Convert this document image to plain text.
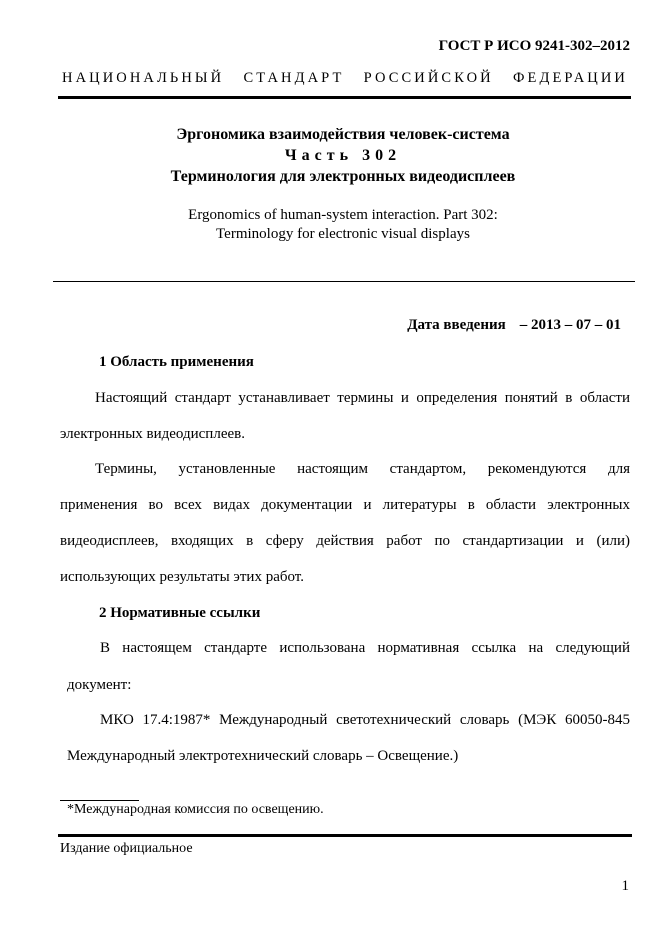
ГОСТ Р ИСО 9241-302–2012
НАЦИОНАЛЬНЫЙ СТАНДАРТ РОССИЙСКОЙ ФЕДЕРАЦИИ
Эргономика взаимодействия человек-система
Часть 302
Терминология для электронных видеодисплеев
Ergonomics of human-system interaction. Part 302:
Terminology for electronic visual displays
Дата введения – 2013 – 07 – 01
1 Область применения
Настоящий стандарт устанавливает термины и определения понятий в области
электронных видеодисплеев.
Термины, установленные настоящим стандартом, рекомендуются для
применения во всех видах документации и литературы в области электронных
видеодисплеев, входящих в сферу действия работ по стандартизации и (или)
использующих результаты этих работ.
2 Нормативные ссылки
В настоящем стандарте использована нормативная ссылка на следующий
документ:
МКО 17.4:1987* Международный светотехнический словарь (МЭК 60050-845
Международный электротехнический словарь – Освещение.)
*Международная комиссия по освещению.
Издание официальное
1
